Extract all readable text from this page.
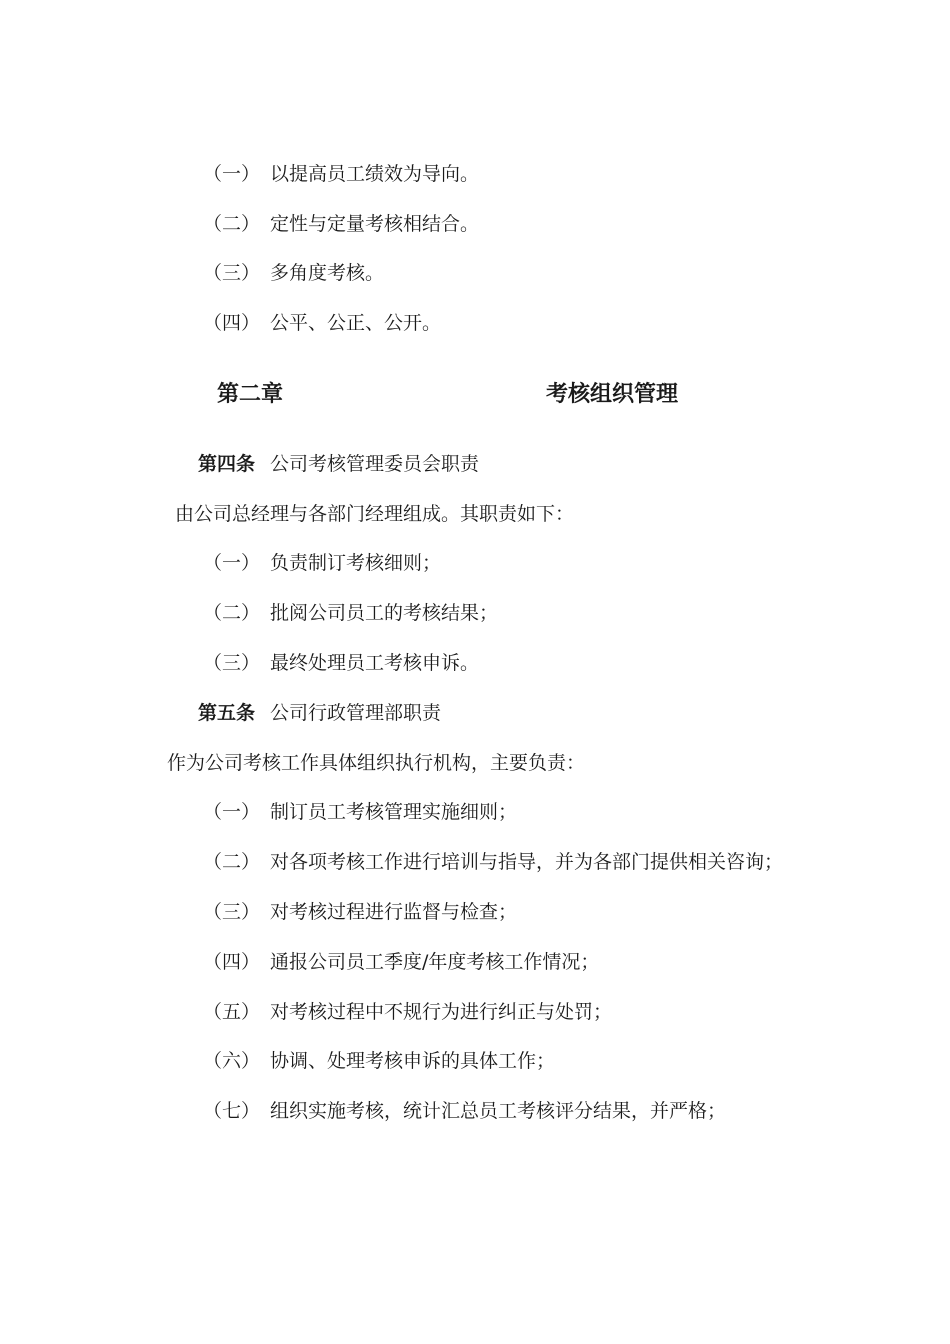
（一） 以提高员工绩效为导向。
（二） 定性与定量考核相结合。
（三） 多角度考核。
（四） 公平、公正、公开。
第二章	考核组织管理
第四条 公司考核管理委员会职责
由公司总经理与各部门经理组成。其职责如下：
（一） 负责制订考核细则；
（二） 批阅公司员工的考核结果；
（三） 最终处理员工考核申诉。
第五条 公司行政管理部职责
作为公司考核工作具体组织执行机构，主要负责：
（一） 制订员工考核管理实施细则；
（二） 对各项考核工作进行培训与指导，并为各部门提供相关咨询；
（三） 对考核过程进行监督与检查；
（四） 通报公司员工季度/年度考核工作情况；
（五） 对考核过程中不规行为进行纠正与处罚；
（六） 协调、处理考核申诉的具体工作；
（七） 组织实施考核，统计汇总员工考核评分结果，并严格；
